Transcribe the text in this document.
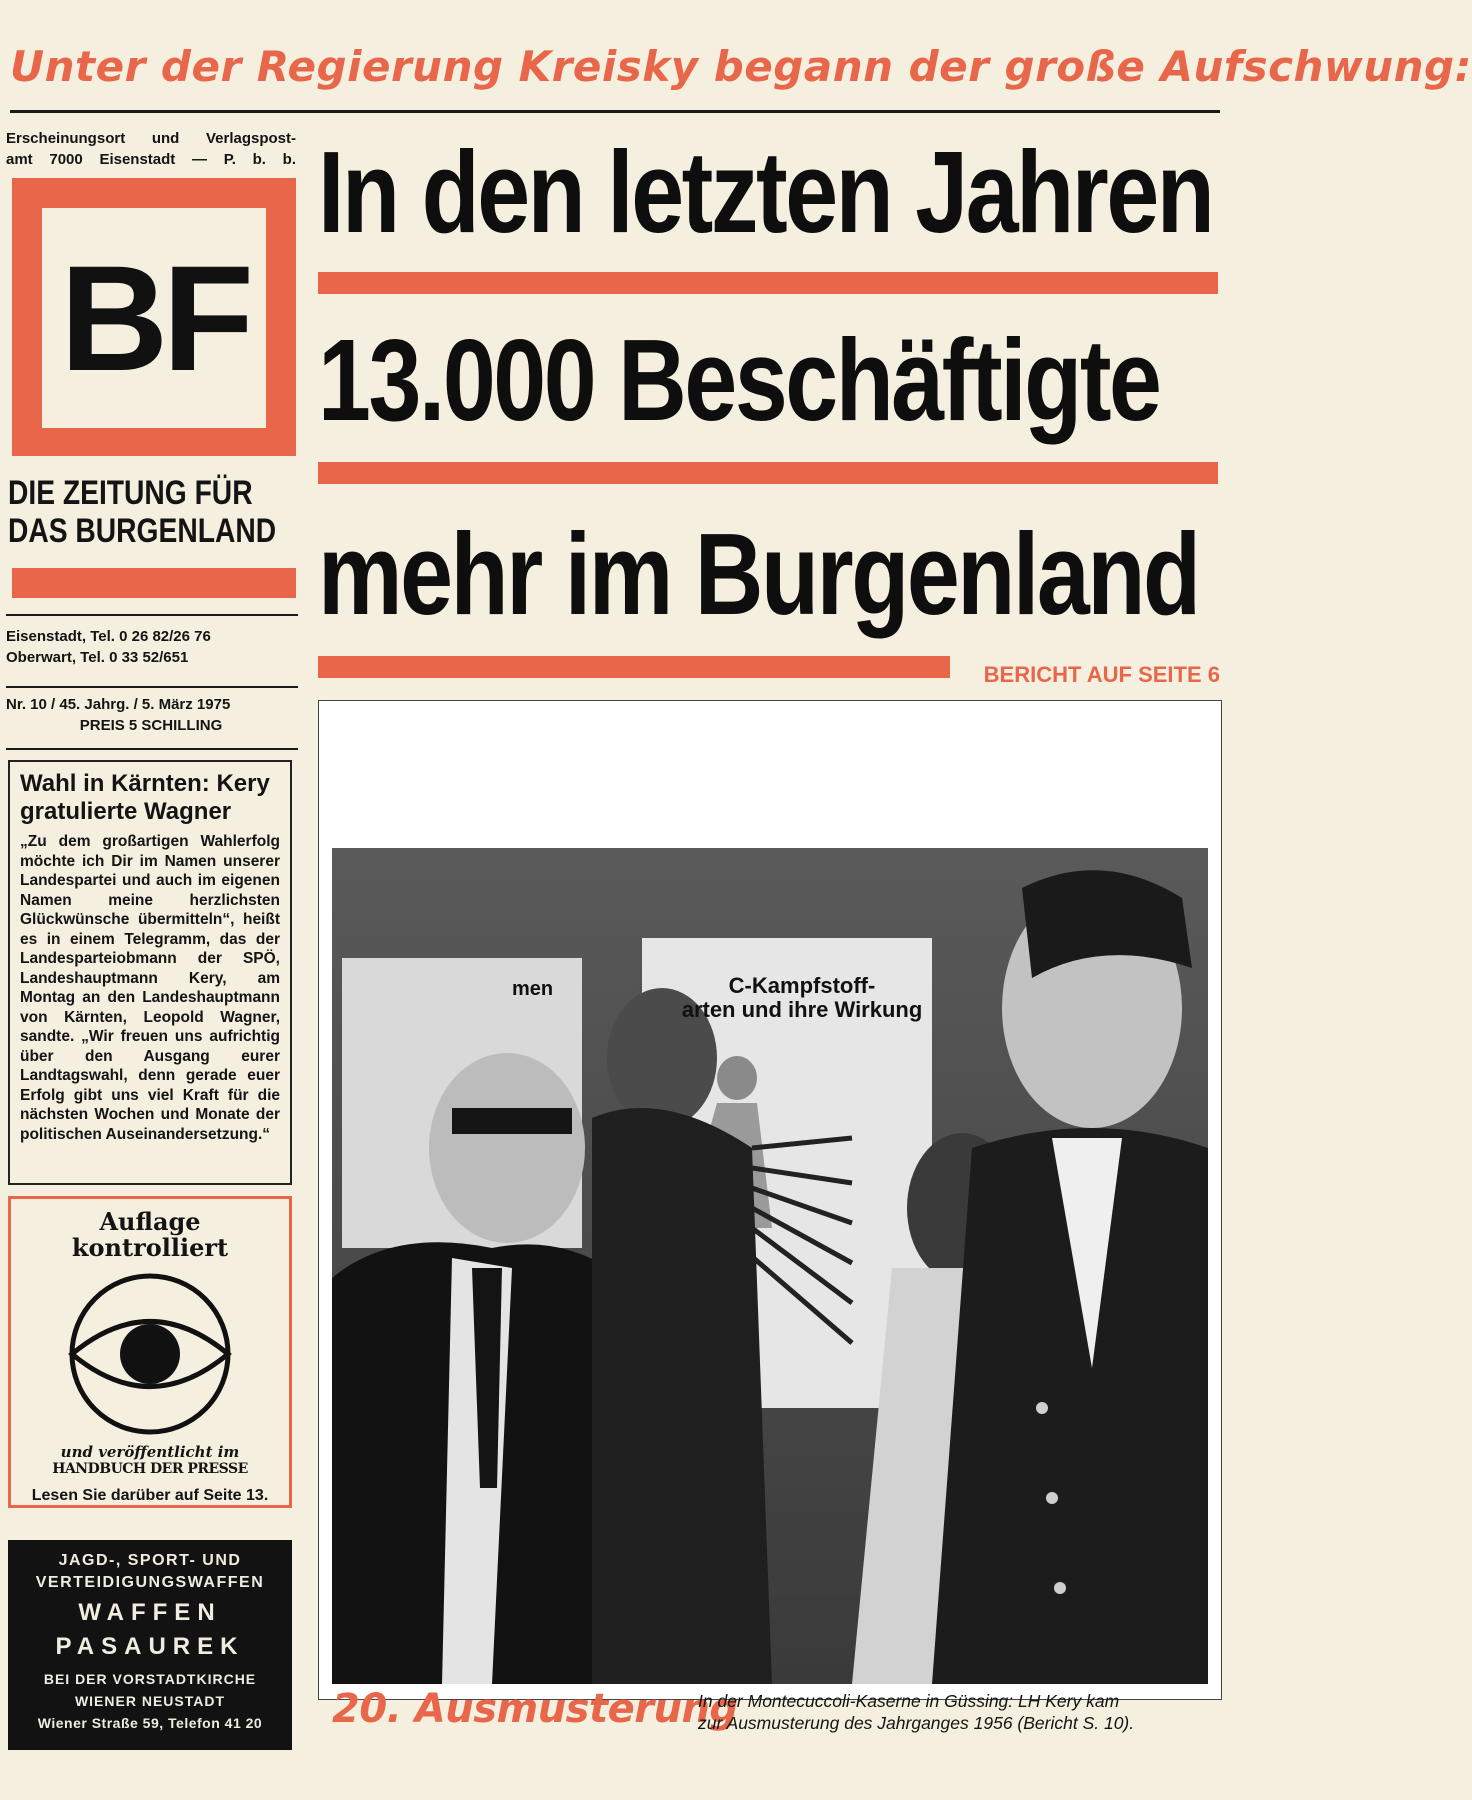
Unter der Regierung Kreisky begann der große Aufschwung:
Erscheinungsort und Verlagspost-
amt 7000 Eisenstadt — P. b. b.
BF
DIE ZEITUNG FÜR
DAS BURGENLAND
Eisenstadt, Tel. 0 26 82/26 76
Oberwart, Tel. 0 33 52/651
Nr. 10 / 45. Jahrg. / 5. März 1975
PREIS 5 SCHILLING
Wahl in Kärnten: Kery
gratulierte Wagner
„Zu dem großartigen Wahlerfolg möchte ich Dir im Namen unserer Landespartei und auch im eigenen Namen meine herzlichsten Glückwünsche übermitteln“, heißt es in einem Telegramm, das der Landesparteiobmann der SPÖ, Landeshauptmann Kery, am Montag an den Landeshauptmann von Kärnten, Leopold Wagner, sandte. „Wir freuen uns aufrichtig über den Ausgang eurer Landtagswahl, denn gerade euer Erfolg gibt uns viel Kraft für die nächsten Wochen und Monate der politischen Auseinandersetzung.“
Auflage
kontrolliert
und veröffentlicht im
HANDBUCH DER PRESSE
Lesen Sie darüber auf Seite 13.
JAGD-, SPORT- UND
VERTEIDIGUNGSWAFFEN
WAFFEN
PASAUREK
BEI DER VORSTADTKIRCHE
WIENER NEUSTADT
Wiener Straße 59, Telefon 41 20
In den letzten Jahren
13.000 Beschäftigte
mehr im Burgenland
BERICHT AUF SEITE 6
C-Kampfstoff-
arten und ihre Wirkung
men
20. Ausmusterung
In der Montecuccoli-Kaserne in Güssing: LH Kery kam
zur Ausmusterung des Jahrganges 1956 (Bericht S. 10).
